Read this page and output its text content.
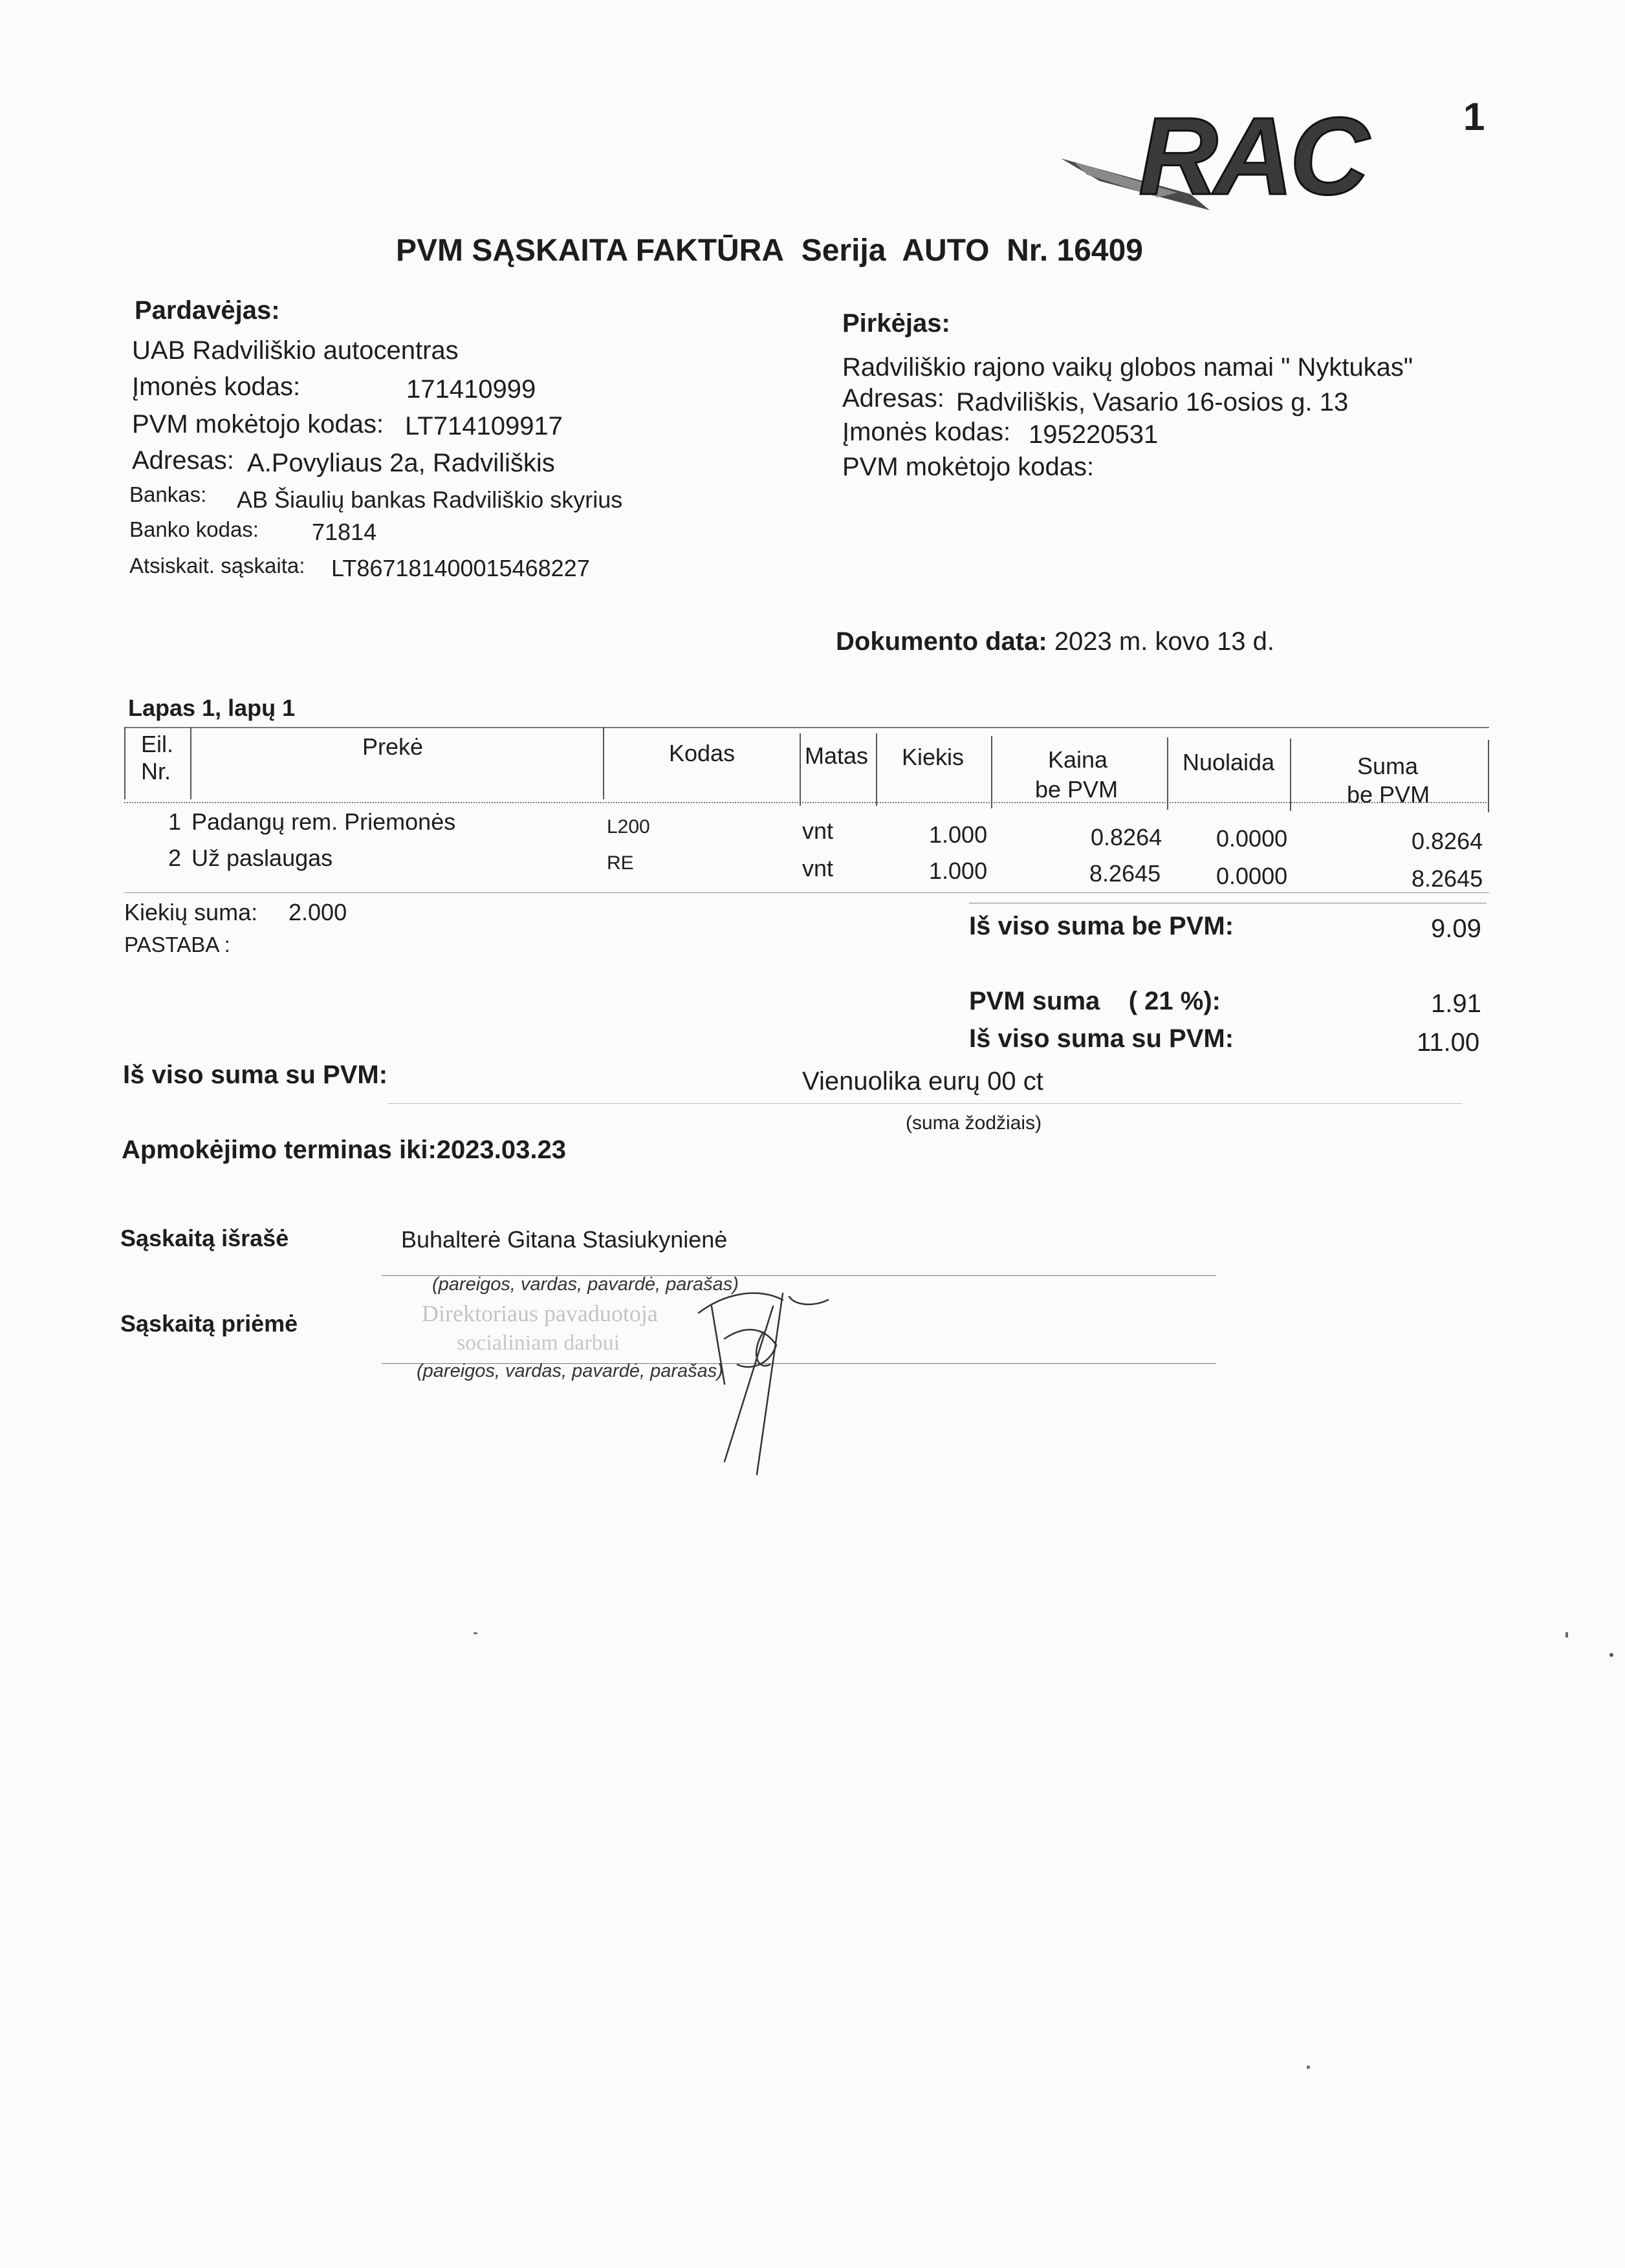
1
RAC
PVM SĄSKAITA FAKTŪRA Serija AUTO Nr. 16409
Pardavėjas:
UAB Radviliškio autocentras
Įmonės kodas:	171410999
PVM mokėtojo kodas: LT714109917
Adresas: A.Povyliaus 2a, Radviliškis
Bankas: AB Šiaulių bankas Radviliškio skyrius
Banko kodas: 71814
Atsiskait. sąskaita: LT867181400015468227
Pirkėjas:
Radviliškio rajono vaikų globos namai " Nyktukas"
Adresas: Radviliškis, Vasario 16-osios g. 13
Įmonės kodas: 195220531
PVM mokėtojo kodas:
Dokumento data: 2023 m. kovo 13 d.
Lapas 1, lapų 1
Eil.
Nr.
Prekė	Kodas	Matas Kiekis	Kaina
be PVM
Nuolaida	Suma
be PVM
1 Padangų rem. Priemonės	L200	vnt	1.000	0.8264 0.0000	0.8264
2 Už paslaugas	RE	vnt	1.000	8.2645 0.0000	8.2645
Kiekių suma: 2.000
PASTABA :
Iš viso suma be PVM:	9.09
PVM suma ( 21 %):	1.91
Iš viso suma su PVM:	11.00
Iš viso suma su PVM:	Vienuolika eurų 00 ct
(suma žodžiais)
Apmokėjimo terminas iki:2023.03.23
Sąskaitą išrašė	Buhalterė Gitana Stasiukynienė
(pareigos, vardas, pavardė, parašas)
Sąskaitą priėmė	Direktoriaus pavaduotoja
socialiniam darbui
(pareigos, vardas, pavardė, parašas)
